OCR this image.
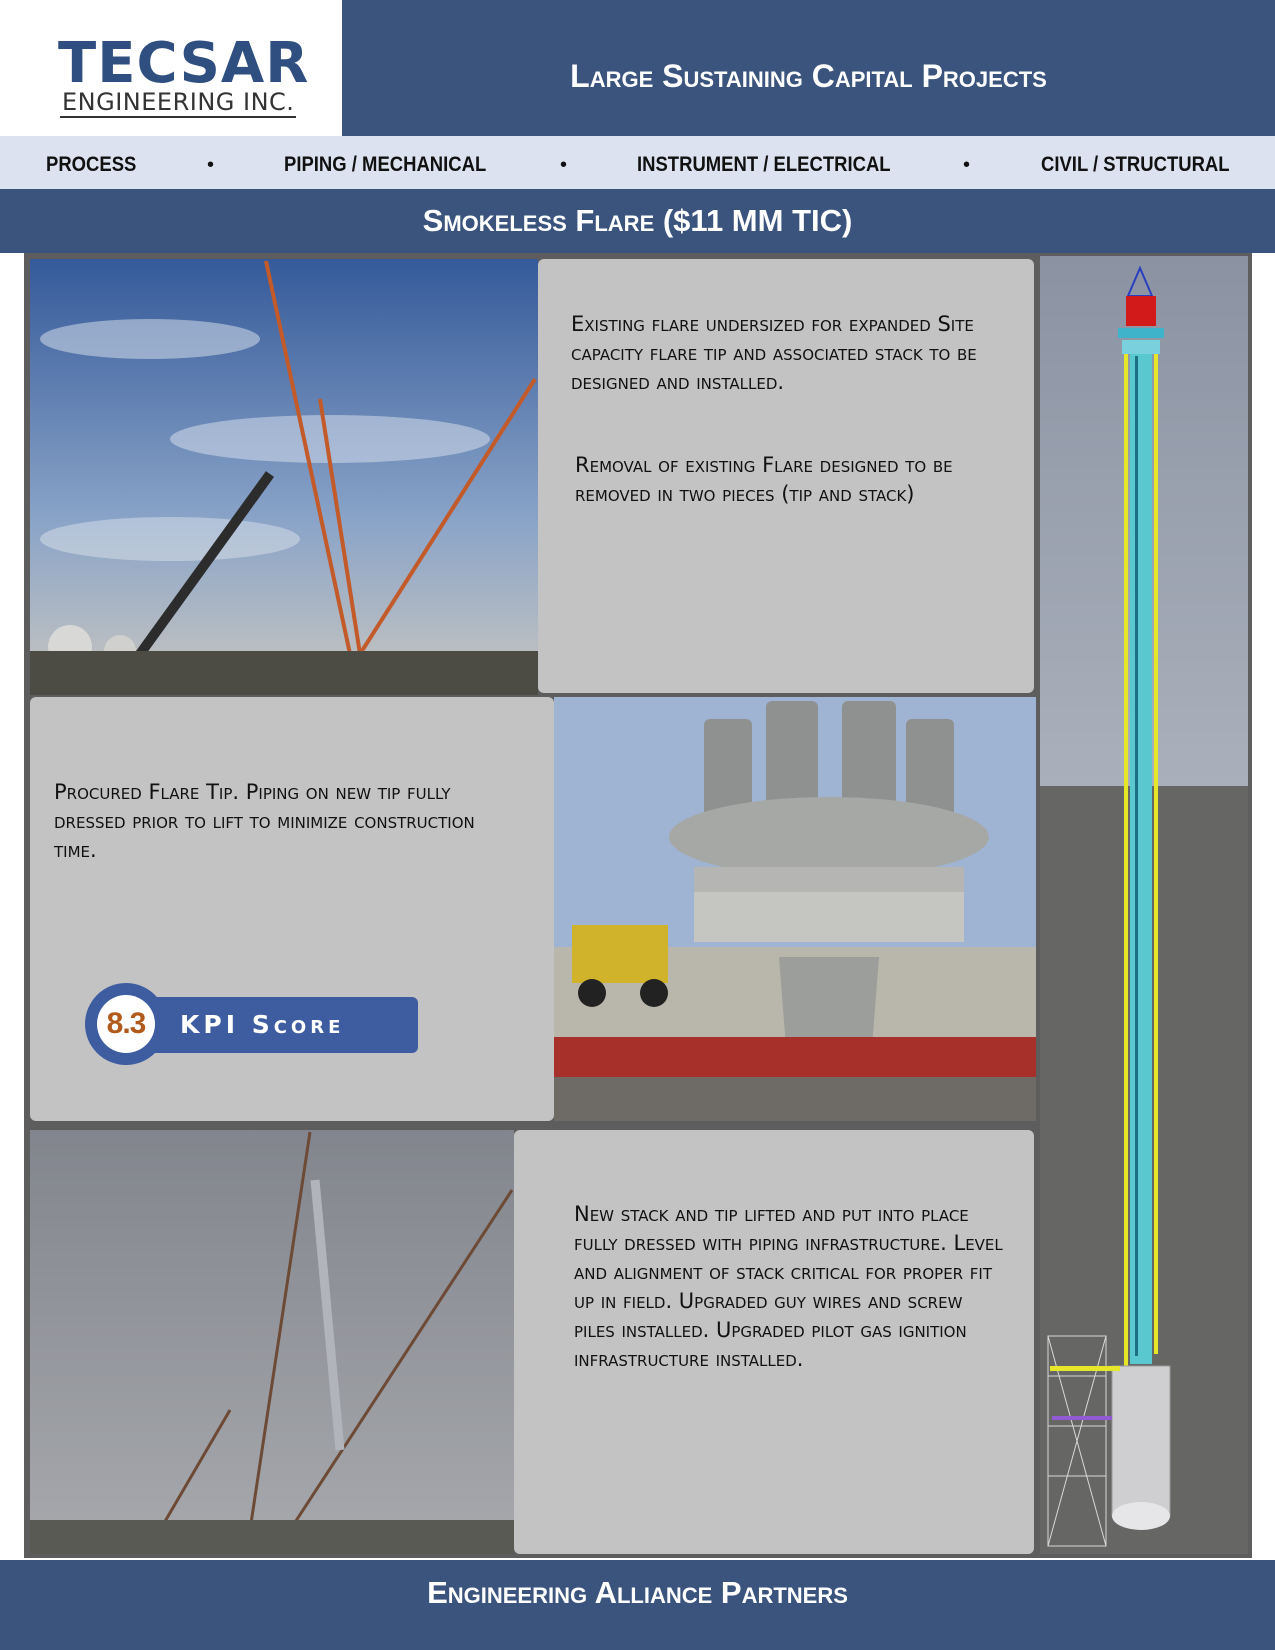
TECSAR
ENGINEERING INC.
Large Sustaining Capital Projects
PROCESS	•	PIPING / MECHANICAL	•	INSTRUMENT / ELECTRICAL	•	CIVIL / STRUCTURAL
Smokeless Flare ($11 MM TIC)
Existing flare undersized for expanded Site capacity flare tip and associated stack to be designed and installed.
Removal of existing Flare designed to be removed in two pieces (tip and stack)
Procured Flare Tip. Piping on new tip fully dressed prior to lift to minimize construction time.
8.3	KPI Score
New stack and tip lifted and put into place fully dressed with piping infrastructure. Level and alignment of stack critical for proper fit up in field. Upgraded guy wires and screw piles installed. Upgraded pilot gas ignition infrastructure installed.
Engineering Alliance Partners
